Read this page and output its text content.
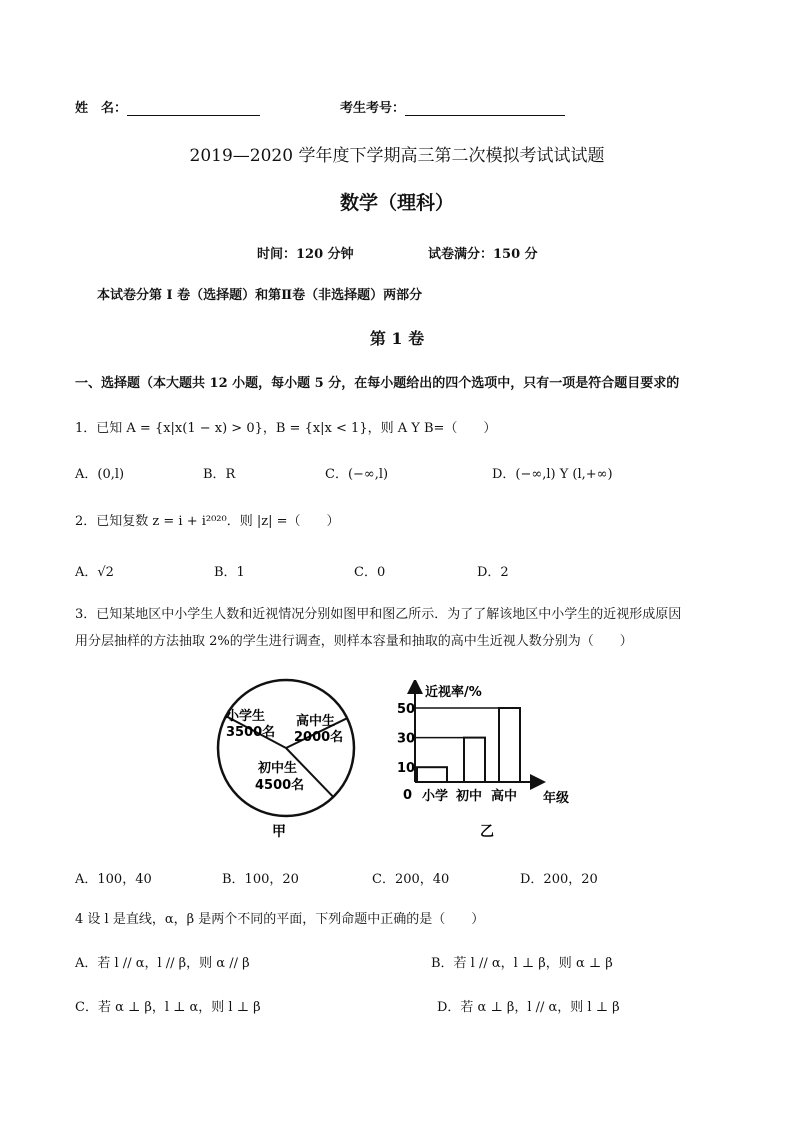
姓　名：	考生考号：
2019—2020 学年度下学期高三第二次模拟考试试试题
数学（理科）
时间：120 分钟	试卷满分：150 分
本试卷分第 I 卷（选择题）和第Ⅱ卷（非选择题）两部分
第 1 卷
一、选择题（本大题共 12 小题，每小题 5 分，在每小题给出的四个选项中，只有一项是符合题目要求的
1．已知 A = {x|x(1 − x) > 0}，B = {x|x < 1}，则 A Y B=（　　）
A．(0,l)	B．R	C．(−∞,l)	D．(−∞,l) Y (l,+∞)
2．已知复数 z = i + i²⁰²⁰．则 |z| =（　　）
A．√2	B．1	C．0	D．2
3．已知某地区中小学生人数和近视情况分别如图甲和图乙所示．为了了解该地区中小学生的近视形成原因
用分层抽样的方法抽取 2%的学生进行调查，则样本容量和抽取的高中生近视人数分别为（　　）
小学生
3500名
高中生
2000名
初中生
4500名
甲
近视率/%
0
10
30
50
小学 初中 高中 年级
乙
A．100，40	B．100，20	C．200，40	D．200，20
4 设 l 是直线，α，β 是两个不同的平面，下列命题中正确的是（　　）
A．若 l // α，l // β，则 α // β	B．若 l // α，l ⊥ β，则 α ⊥ β
C．若 α ⊥ β，l ⊥ α，则 l ⊥ β	D．若 α ⊥ β，l // α，则 l ⊥ β
